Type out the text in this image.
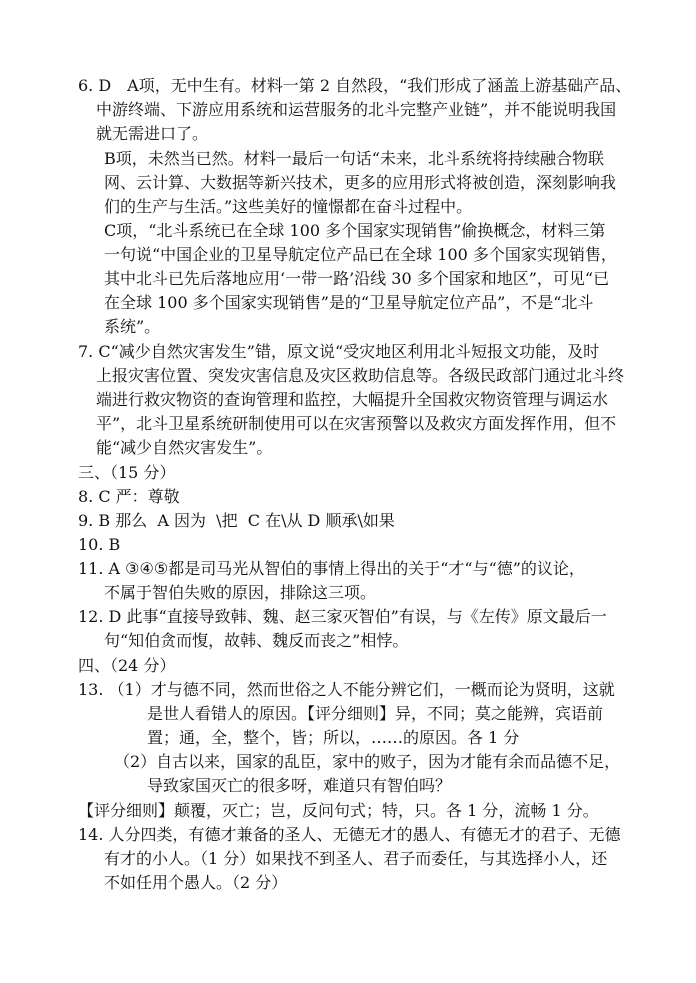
6. D　A项，无中生有。材料一第 2 自然段，“我们形成了涵盖上游基础产品、
中游终端、下游应用系统和运营服务的北斗完整产业链”，并不能说明我国
就无需进口了。
B项，未然当已然。材料一最后一句话“未来，北斗系统将持续融合物联
网、云计算、大数据等新兴技术，更多的应用形式将被创造，深刻影响我
们的生产与生活。”这些美好的憧憬都在奋斗过程中。
C项，“北斗系统已在全球 100 多个国家实现销售”偷换概念，材料三第
一句说“中国企业的卫星导航定位产品已在全球 100 多个国家实现销售，
其中北斗已先后落地应用‘一带一路’沿线 30 多个国家和地区”，可见“已
在全球 100 多个国家实现销售”是的“卫星导航定位产品”，不是“北斗
系统”。
7. C“减少自然灾害发生”错，原文说“受灾地区利用北斗短报文功能，及时
上报灾害位置、突发灾害信息及灾区救助信息等。各级民政部门通过北斗终
端进行救灾物资的查询管理和监控，大幅提升全国救灾物资管理与调运水
平”，北斗卫星系统研制使用可以在灾害预警以及救灾方面发挥作用，但不
能“减少自然灾害发生”。
三、（15 分）
8. C 严：尊敬
9. B 那么  A 因为  \把  C 在\从 D 顺承\如果
10. B
11. A ③④⑤都是司马光从智伯的事情上得出的关于“才“与“德”的议论，
不属于智伯失败的原因，排除这三项。
12. D 此事“直接导致韩、魏、赵三家灭智伯”有误，与《左传》原文最后一
句“知伯贪而愎，故韩、魏反而丧之”相悖。
四、（24 分）
13. （1）才与德不同，然而世俗之人不能分辨它们，一概而论为贤明，这就
是世人看错人的原因。【评分细则】异，不同；莫之能辨，宾语前
置；通，全，整个，皆；所以，……的原因。各 1 分
（2）自古以来，国家的乱臣，家中的败子，因为才能有余而品德不足，
导致家国灭亡的很多呀，难道只有智伯吗？
【评分细则】颠覆，灭亡；岂，反问句式；特，只。各 1 分，流畅 1 分。
14. 人分四类，有德才兼备的圣人、无德无才的愚人、有德无才的君子、无德
有才的小人。（1 分）如果找不到圣人、君子而委任，与其选择小人，还
不如任用个愚人。（2 分）
